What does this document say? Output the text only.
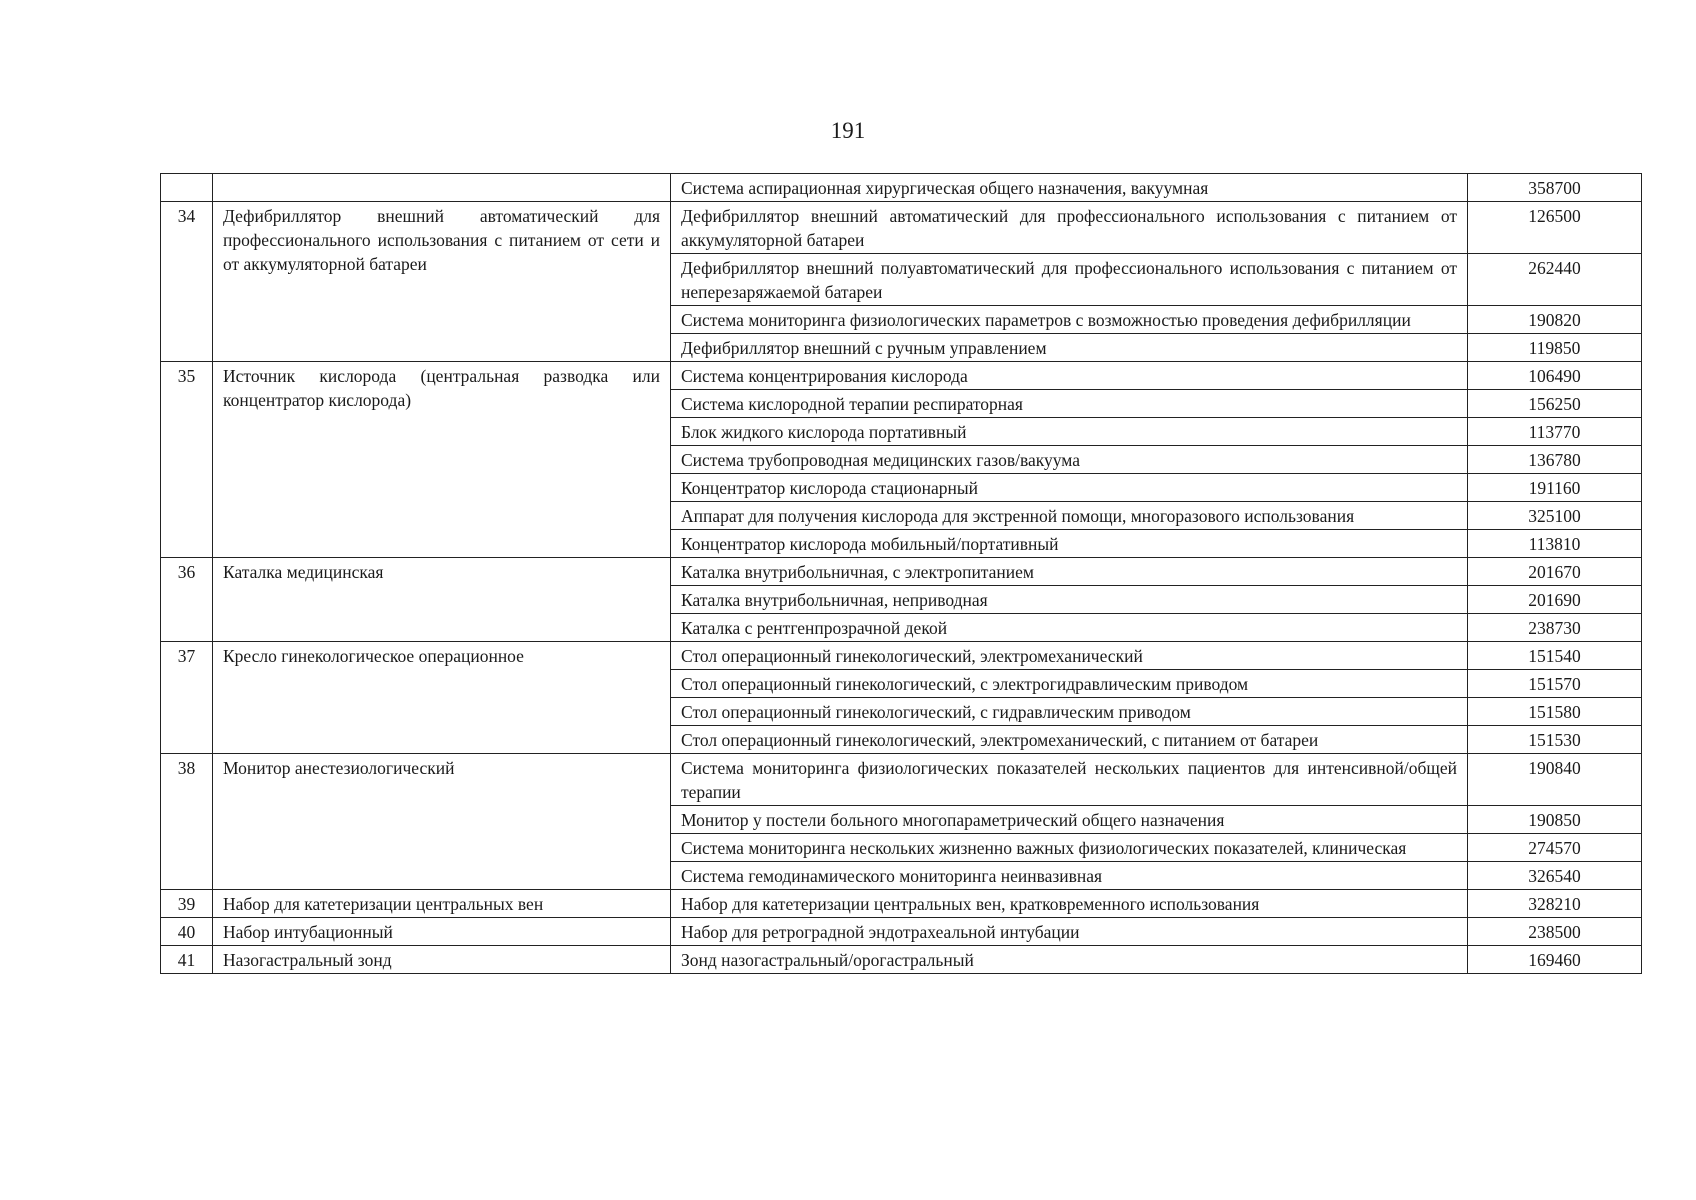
191
		Система аспирационная хирургическая общего назначения, вакуумная	358700
34	Дефибриллятор внешний автоматический для профессионального использования с питанием от сети и от аккумуляторной батареи	Дефибриллятор внешний автоматический для профессионального использования с питанием от аккумуляторной батареи	126500
		Дефибриллятор внешний полуавтоматический для профессионального использования с питанием от неперезаряжаемой батареи	262440
		Система мониторинга физиологических параметров с возможностью проведения дефибрилляции	190820
		Дефибриллятор внешний с ручным управлением	119850
35	Источник кислорода (центральная разводка или концентратор кислорода)	Система концентрирования кислорода	106490
		Система кислородной терапии респираторная	156250
		Блок жидкого кислорода портативный	113770
		Система трубопроводная медицинских газов/вакуума	136780
		Концентратор кислорода стационарный	191160
		Аппарат для получения кислорода для экстренной помощи, многоразового использования	325100
		Концентратор кислорода мобильный/портативный	113810
36	Каталка медицинская	Каталка внутрибольничная, с электропитанием	201670
		Каталка внутрибольничная, неприводная	201690
		Каталка с рентгенпрозрачной декой	238730
37	Кресло гинекологическое операционное	Стол операционный гинекологический, электромеханический	151540
		Стол операционный гинекологический, с электрогидравлическим приводом	151570
		Стол операционный гинекологический, с гидравлическим приводом	151580
		Стол операционный гинекологический, электромеханический, с питанием от батареи	151530
38	Монитор анестезиологический	Система мониторинга физиологических показателей нескольких пациентов для интенсивной/общей терапии	190840
		Монитор у постели больного многопараметрический общего назначения	190850
		Система мониторинга нескольких жизненно важных физиологических показателей, клиническая	274570
		Система гемодинамического мониторинга неинвазивная	326540
39	Набор для катетеризации центральных вен	Набор для катетеризации центральных вен, кратковременного использования	328210
40	Набор интубационный	Набор для ретроградной эндотрахеальной интубации	238500
41	Назогастральный зонд	Зонд назогастральный/орогастральный	169460
